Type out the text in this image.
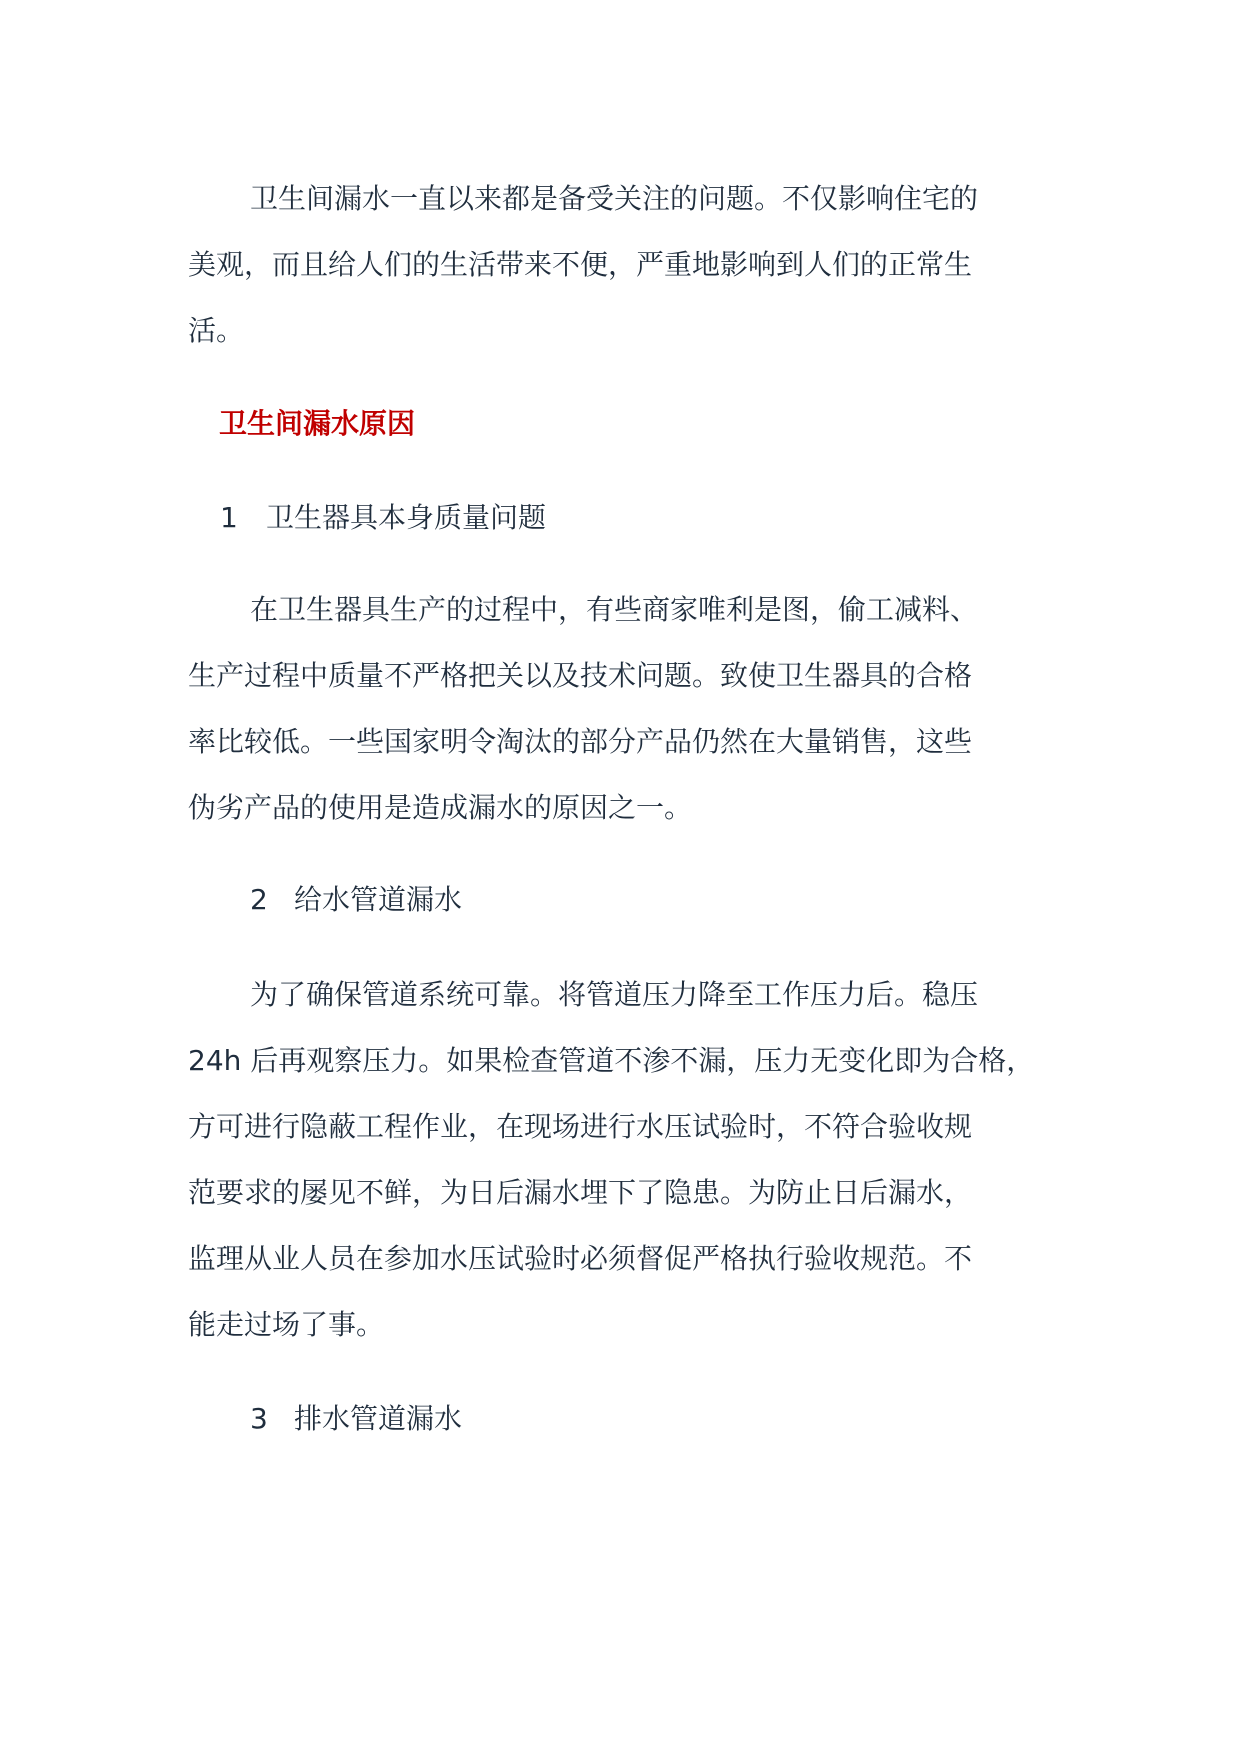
卫生间漏水一直以来都是备受关注的问题。不仅影响住宅的
美观，而且给人们的生活带来不便，严重地影响到人们的正常生
活。
卫生间漏水原因
1 卫生器具本身质量问题
在卫生器具生产的过程中，有些商家唯利是图，偷工减料、
生产过程中质量不严格把关以及技术问题。致使卫生器具的合格
率比较低。一些国家明令淘汰的部分产品仍然在大量销售，这些
伪劣产品的使用是造成漏水的原因之一。
2 给水管道漏水
为了确保管道系统可靠。将管道压力降至工作压力后。稳压
24h 后再观察压力。如果检查管道不渗不漏，压力无变化即为合格，
方可进行隐蔽工程作业，在现场进行水压试验时，不符合验收规
范要求的屡见不鲜，为日后漏水埋下了隐患。为防止日后漏水，
监理从业人员在参加水压试验时必须督促严格执行验收规范。不
能走过场了事。
3 排水管道漏水
